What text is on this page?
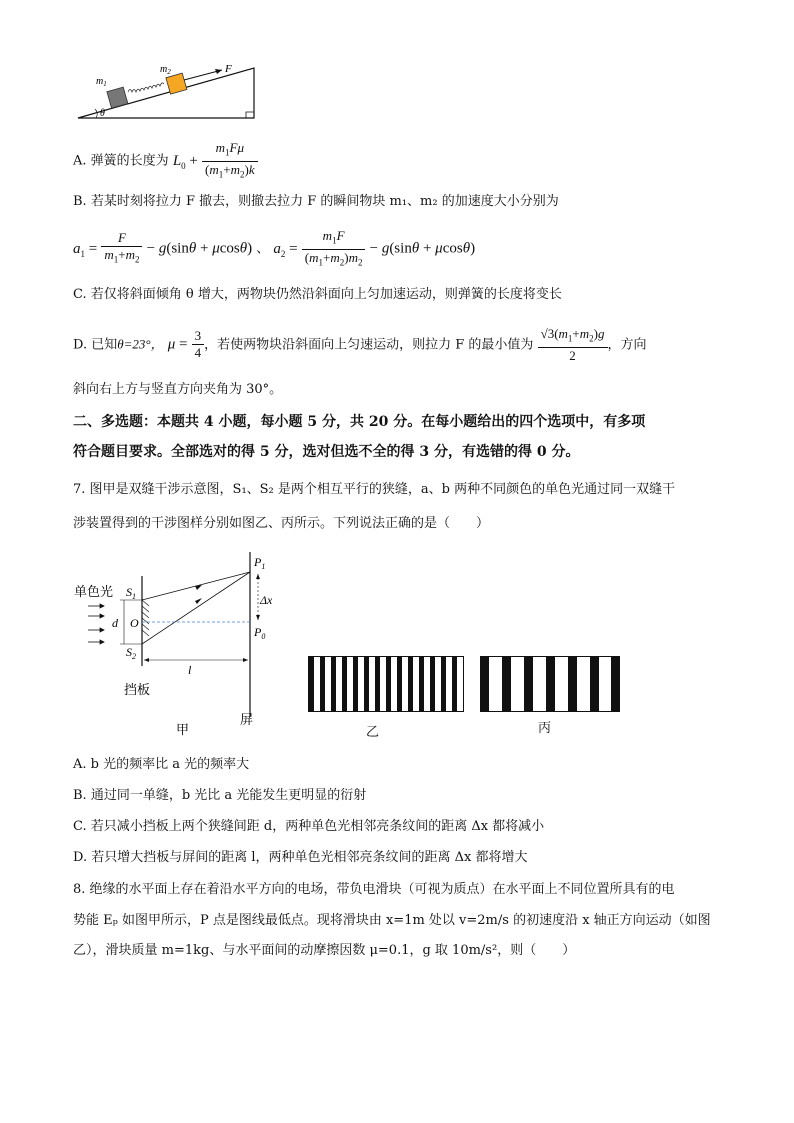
$m_1$
$m_2$	F
θ
A. 弹簧的长度为 $L_0 + \frac{m_1F\mu}{(m_1+m_2)k}$
B. 若某时刻将拉力 F 撤去，则撤去拉力 F 的瞬间物块 m₁、m₂ 的加速度大小分别为
$a_1 = \frac{F}{m_1+m_2} - g(\sin\theta + \mu\cos\theta)$ 、 $a_2 = \frac{m_1F}{(m_1+m_2)m_2} - g(\sin\theta + \mu\cos\theta)$
C. 若仅将斜面倾角 θ 增大，两物块仍然沿斜面向上匀加速运动，则弹簧的长度将变长
D. 已知θ=23°， $\mu = \frac{3}{4}$ ，若使两物块沿斜面向上匀速运动，则拉力 F 的最小值为 $\frac{√3(m_1+m_2)g}{2}$ ，方向
斜向右上方与竖直方向夹角为 30°。
二、多选题：本题共 4 小题，每小题 5 分，共 20 分。在每小题给出的四个选项中，有多项
符合题目要求。全部选对的得 5 分，选对但选不全的得 3 分，有选错的得 0 分。
7. 图甲是双缝干涉示意图，S₁、S₂ 是两个相互平行的狭缝，a、b 两种不同颜色的单色光通过同一双缝干
涉装置得到的干涉图样分别如图乙、丙所示。下列说法正确的是（　　）
单色光 $S_1$
$S_2$
O
d
l
$P_1$
$P_0$
Δx
挡板
屏
甲	乙	丙
A. b 光的频率比 a 光的频率大
B. 通过同一单缝，b 光比 a 光能发生更明显的衍射
C. 若只减小挡板上两个狭缝间距 d，两种单色光相邻亮条纹间的距离 Δx 都将减小
D. 若只增大挡板与屏间的距离 l，两种单色光相邻亮条纹间的距离 Δx 都将增大
8. 绝缘的水平面上存在着沿水平方向的电场，带负电滑块（可视为质点）在水平面上不同位置所具有的电
势能 Eₚ 如图甲所示，P 点是图线最低点。现将滑块由 x=1m 处以 v=2m/s 的初速度沿 x 轴正方向运动（如图
乙），滑块质量 m=1kg、与水平面间的动摩擦因数 μ=0.1，g 取 10m/s²，则（　　）
